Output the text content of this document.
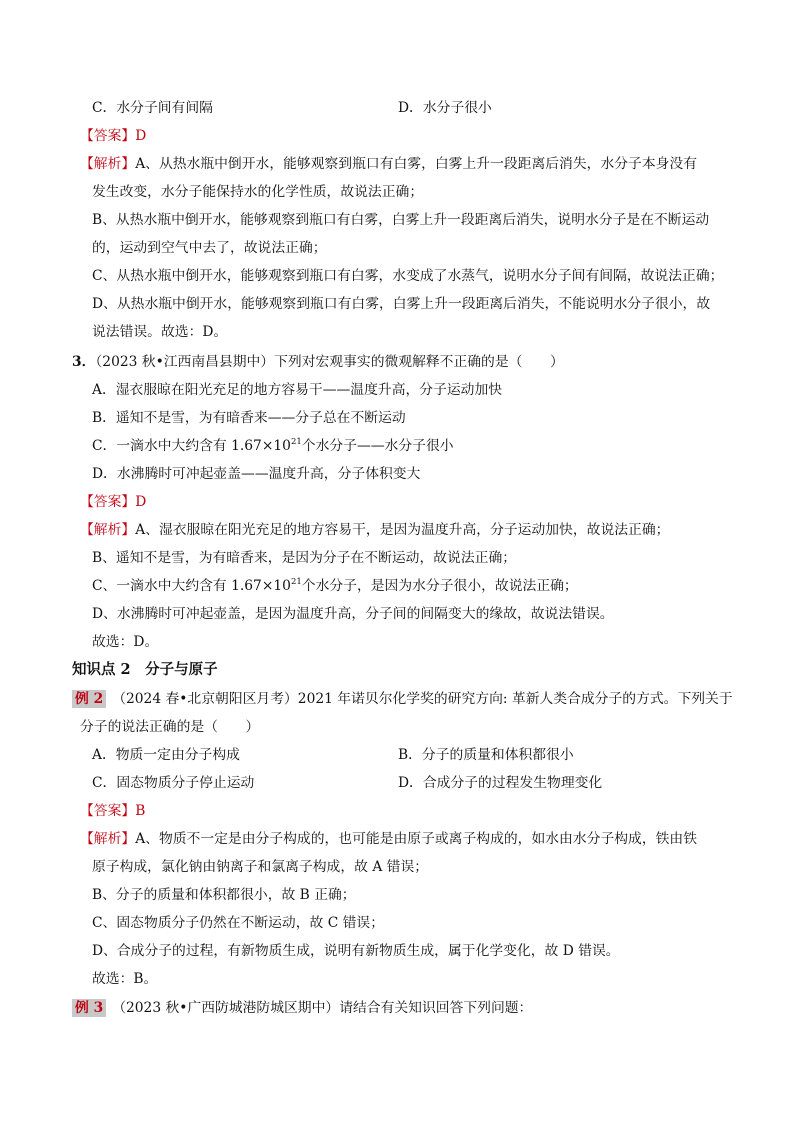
C．水分子间有间隔	D．水分子很小
【答案】D
【解析】A、从热水瓶中倒开水，能够观察到瓶口有白雾，白雾上升一段距离后消失，水分子本身没有
发生改变，水分子能保持水的化学性质，故说法正确；
B、从热水瓶中倒开水，能够观察到瓶口有白雾，白雾上升一段距离后消失，说明水分子是在不断运动
的，运动到空气中去了，故说法正确；
C、从热水瓶中倒开水，能够观察到瓶口有白雾，水变成了水蒸气，说明水分子间有间隔，故说法正确；
D、从热水瓶中倒开水，能够观察到瓶口有白雾，白雾上升一段距离后消失，不能说明水分子很小，故
说法错误。故选：D。
3．（2023 秋•江西南昌县期中）下列对宏观事实的微观解释不正确的是（　　）
A．湿衣服晾在阳光充足的地方容易干——温度升高，分子运动加快
B．遥知不是雪，为有暗香来——分子总在不断运动
C．一滴水中大约含有 $1.67\times 10^{21}$个水分子——水分子很小
D．水沸腾时可冲起壶盖——温度升高，分子体积变大
【答案】D
【解析】A、湿衣服晾在阳光充足的地方容易干，是因为温度升高，分子运动加快，故说法正确；
B、遥知不是雪，为有暗香来，是因为分子在不断运动，故说法正确；
C、一滴水中大约含有 $1.67\times 10^{21}$个水分子，是因为水分子很小，故说法正确；
D、水沸腾时可冲起壶盖，是因为温度升高，分子间的间隔变大的缘故，故说法错误。
故选：D。
知识点 2　分子与原子
例 2 （2024 春•北京朝阳区月考）2021 年诺贝尔化学奖的研究方向: 革新人类合成分子的方式。下列关于
分子的说法正确的是（　　）
A．物质一定由分子构成	B．分子的质量和体积都很小
C．固态物质分子停止运动	D．合成分子的过程发生物理变化
【答案】B
【解析】A、物质不一定是由分子构成的，也可能是由原子或离子构成的，如水由水分子构成，铁由铁
原子构成，氯化钠由钠离子和氯离子构成，故 A 错误；
B、分子的质量和体积都很小，故 B 正确；
C、固态物质分子仍然在不断运动，故 C 错误；
D、合成分子的过程，有新物质生成，说明有新物质生成，属于化学变化，故 D 错误。
故选：B。
例 3 （2023 秋•广西防城港防城区期中）请结合有关知识回答下列问题：
